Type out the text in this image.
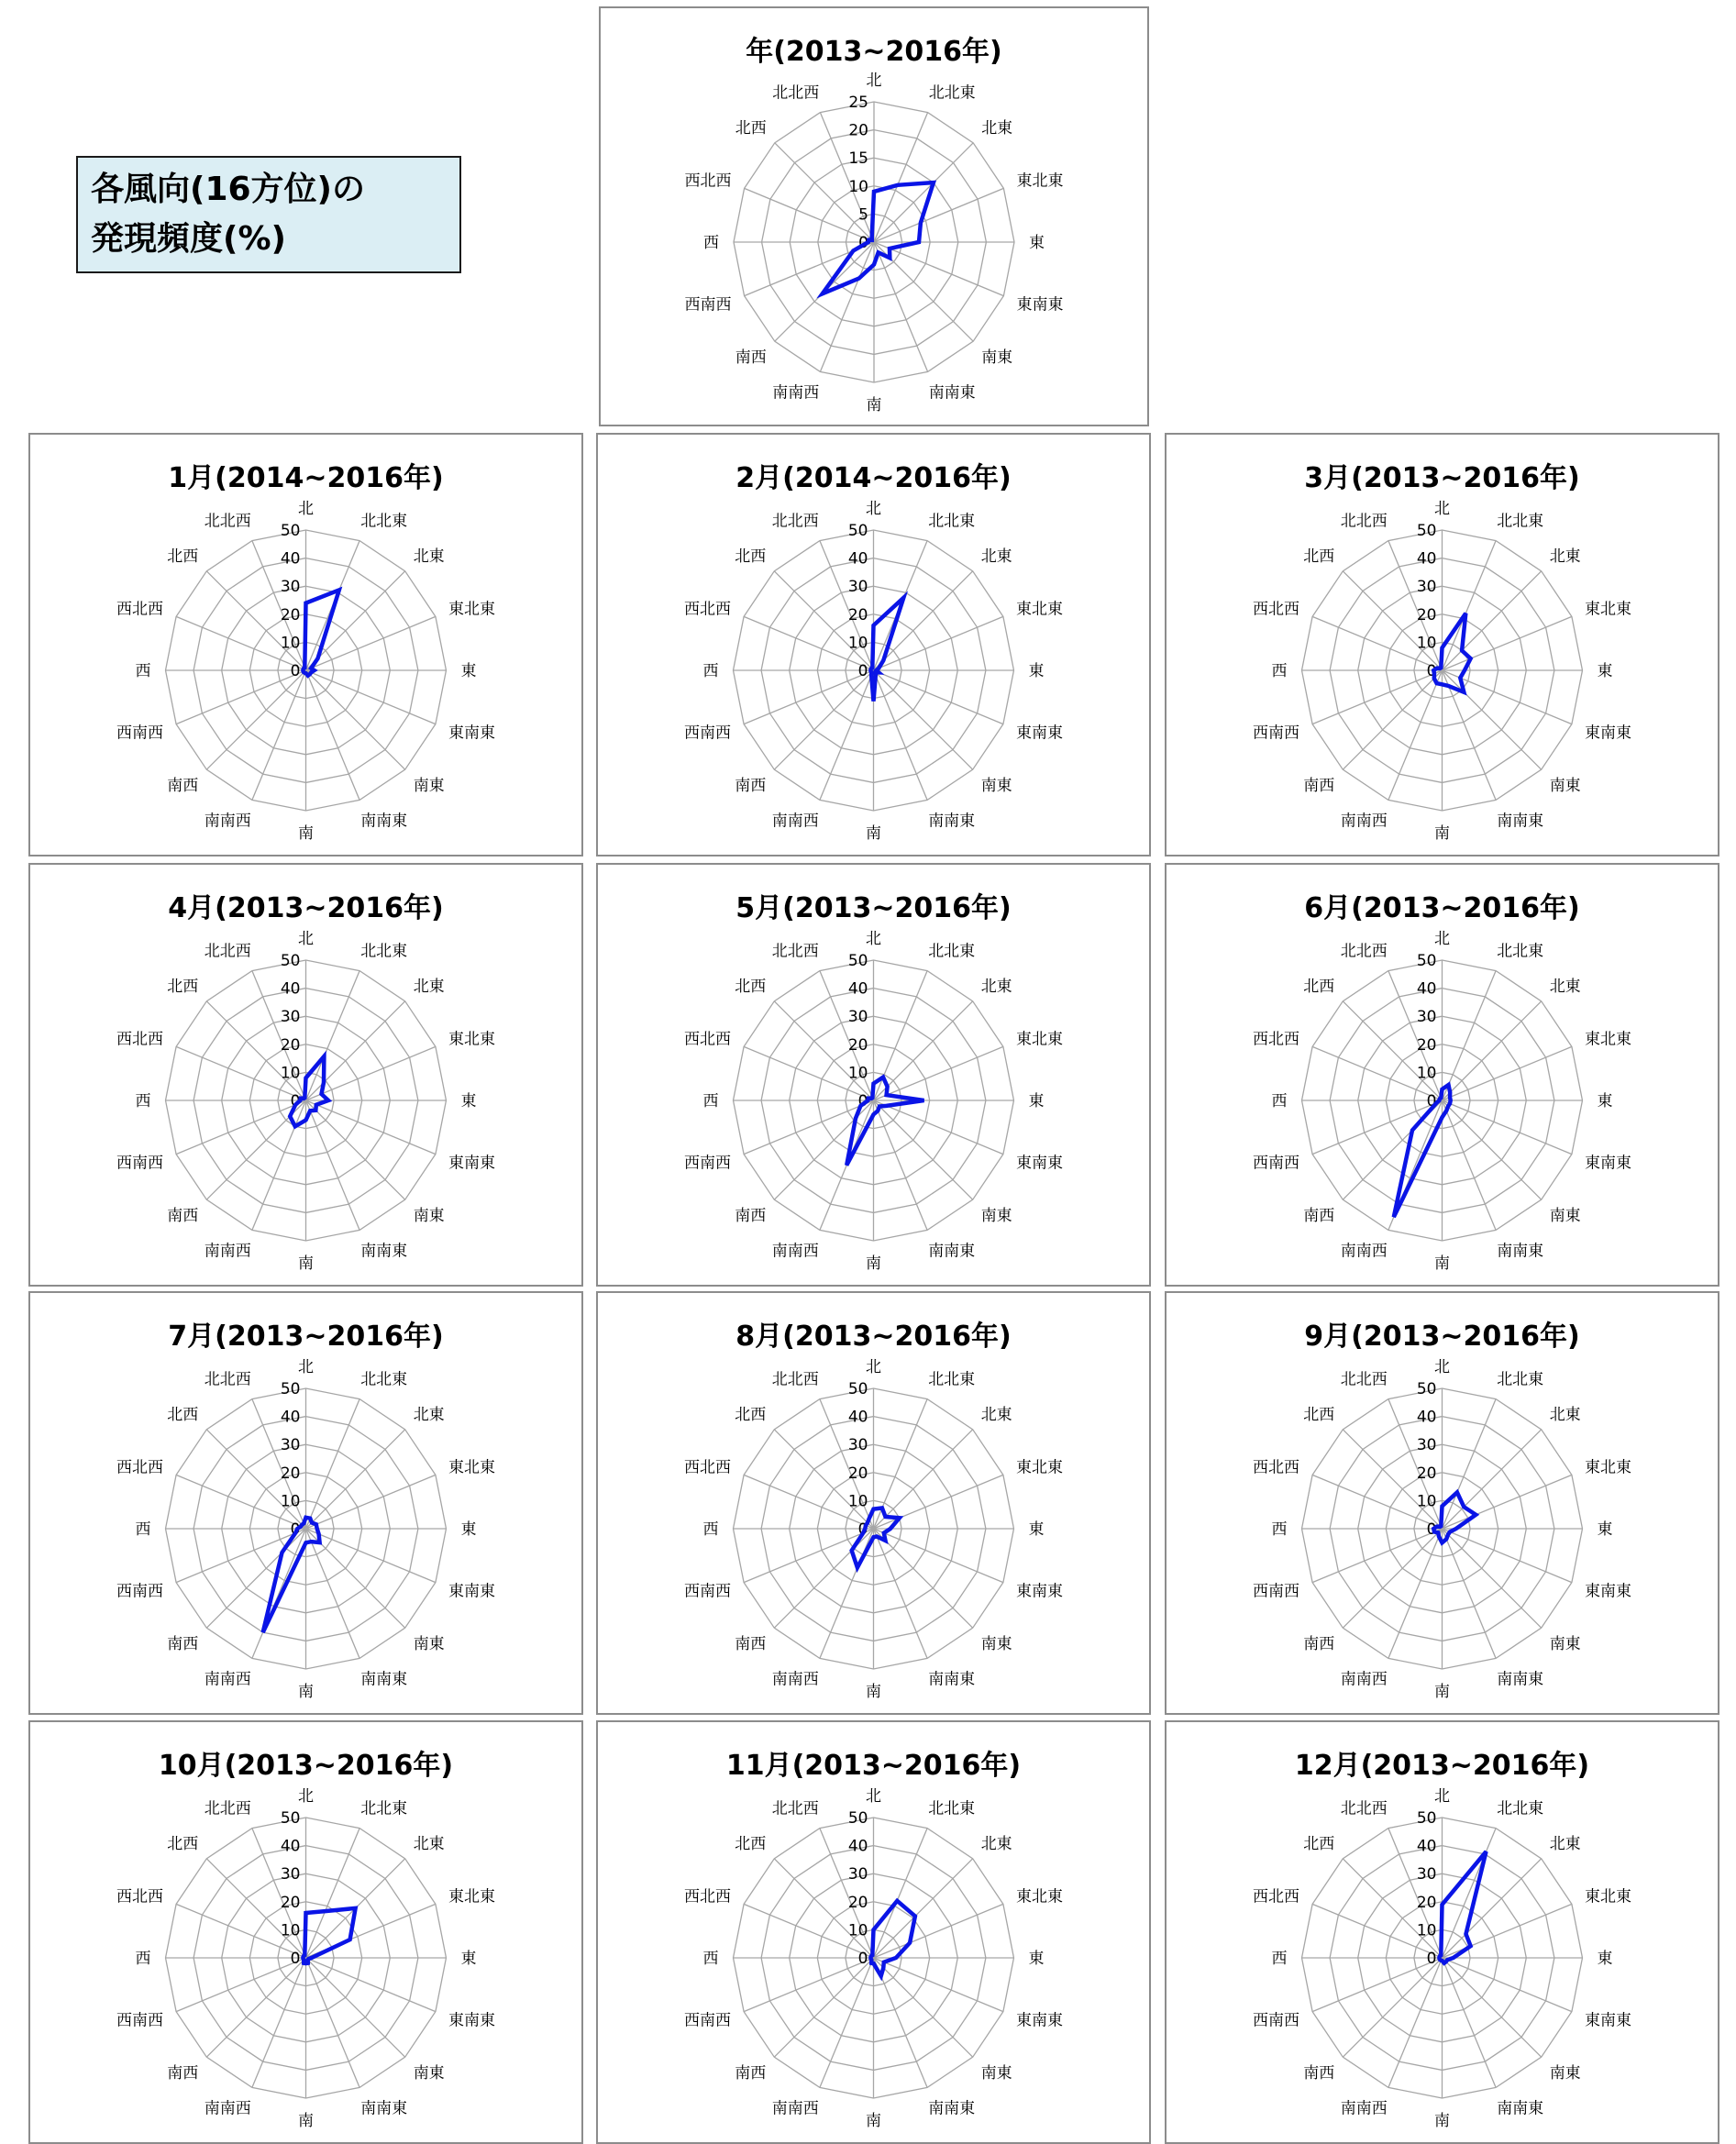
各風向(16方位)の
発現頻度(%)
年(2013~2016年)
0
5
10
15
20
25
北
北北東
北東
東北東
東
東南東
南東
南南東
南
南南西
南西
西南西
西
西北西
北西
北北西
1月(2014~2016年)
0
10
20
30
40
50
北
北北東
北東
東北東
東
東南東
南東
南南東
南
南南西
南西
西南西
西
西北西
北西
北北西
2月(2014~2016年)
0
10
20
30
40
50
北
北北東
北東
東北東
東
東南東
南東
南南東
南
南南西
南西
西南西
西
西北西
北西
北北西
3月(2013~2016年)
0
10
20
30
40
50
北
北北東
北東
東北東
東
東南東
南東
南南東
南
南南西
南西
西南西
西
西北西
北西
北北西
4月(2013~2016年)
0
10
20
30
40
50
北
北北東
北東
東北東
東
東南東
南東
南南東
南
南南西
南西
西南西
西
西北西
北西
北北西
5月(2013~2016年)
0
10
20
30
40
50
北
北北東
北東
東北東
東
東南東
南東
南南東
南
南南西
南西
西南西
西
西北西
北西
北北西
6月(2013~2016年)
0
10
20
30
40
50
北
北北東
北東
東北東
東
東南東
南東
南南東
南
南南西
南西
西南西
西
西北西
北西
北北西
7月(2013~2016年)
0
10
20
30
40
50
北
北北東
北東
東北東
東
東南東
南東
南南東
南
南南西
南西
西南西
西
西北西
北西
北北西
8月(2013~2016年)
0
10
20
30
40
50
北
北北東
北東
東北東
東
東南東
南東
南南東
南
南南西
南西
西南西
西
西北西
北西
北北西
9月(2013~2016年)
0
10
20
30
40
50
北
北北東
北東
東北東
東
東南東
南東
南南東
南
南南西
南西
西南西
西
西北西
北西
北北西
10月(2013~2016年)
0
10
20
30
40
50
北
北北東
北東
東北東
東
東南東
南東
南南東
南
南南西
南西
西南西
西
西北西
北西
北北西
11月(2013~2016年)
0
10
20
30
40
50
北
北北東
北東
東北東
東
東南東
南東
南南東
南
南南西
南西
西南西
西
西北西
北西
北北西
12月(2013~2016年)
0
10
20
30
40
50
北
北北東
北東
東北東
東
東南東
南東
南南東
南
南南西
南西
西南西
西
西北西
北西
北北西
